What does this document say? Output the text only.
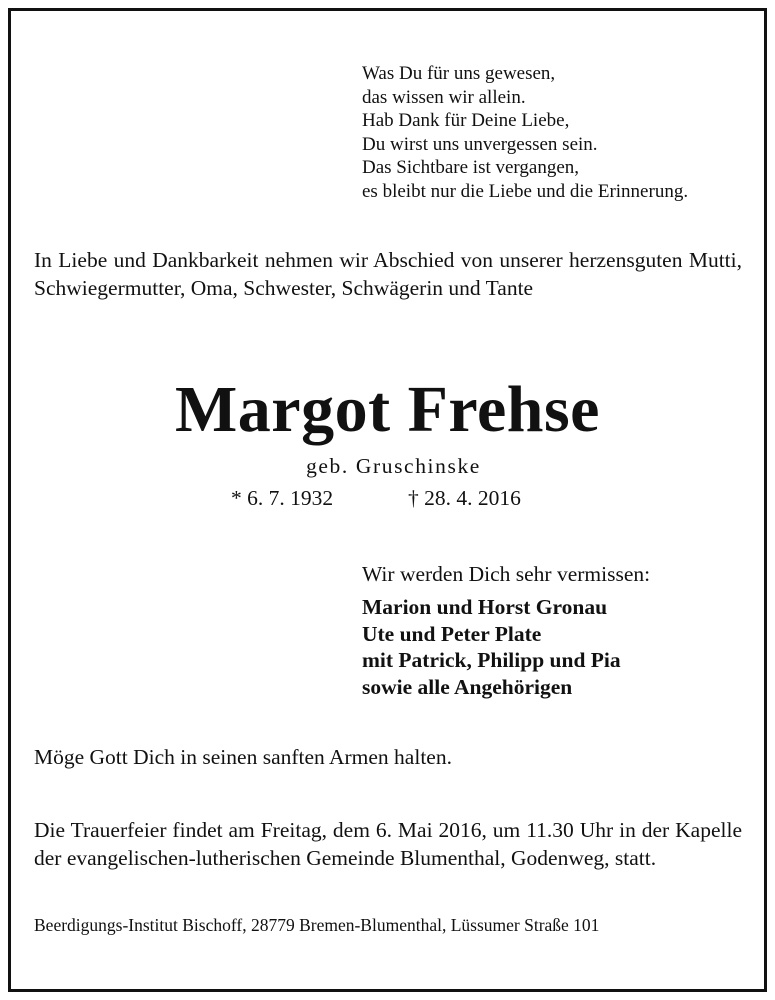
Was Du für uns gewesen,
das wissen wir allein.
Hab Dank für Deine Liebe,
Du wirst uns unvergessen sein.
Das Sichtbare ist vergangen,
es bleibt nur die Liebe und die Erinnerung.
In Liebe und Dankbarkeit nehmen wir Abschied von unserer herzensguten Mutti, Schwiegermutter, Oma, Schwester, Schwägerin und Tante
Margot Frehse
geb. Gruschinske
* 6. 7. 1932	† 28. 4. 2016
Wir werden Dich sehr vermissen:
Marion und Horst Gronau
Ute und Peter Plate
mit Patrick, Philipp und Pia
sowie alle Angehörigen
Möge Gott Dich in seinen sanften Armen halten.
Die Trauerfeier findet am Freitag, dem 6. Mai 2016, um 11.30 Uhr in der Kapelle der evangelischen-lutherischen Gemeinde Blumenthal, Godenweg, statt.
Beerdigungs-Institut Bischoff, 28779 Bremen-Blumenthal, Lüssumer Straße 101
